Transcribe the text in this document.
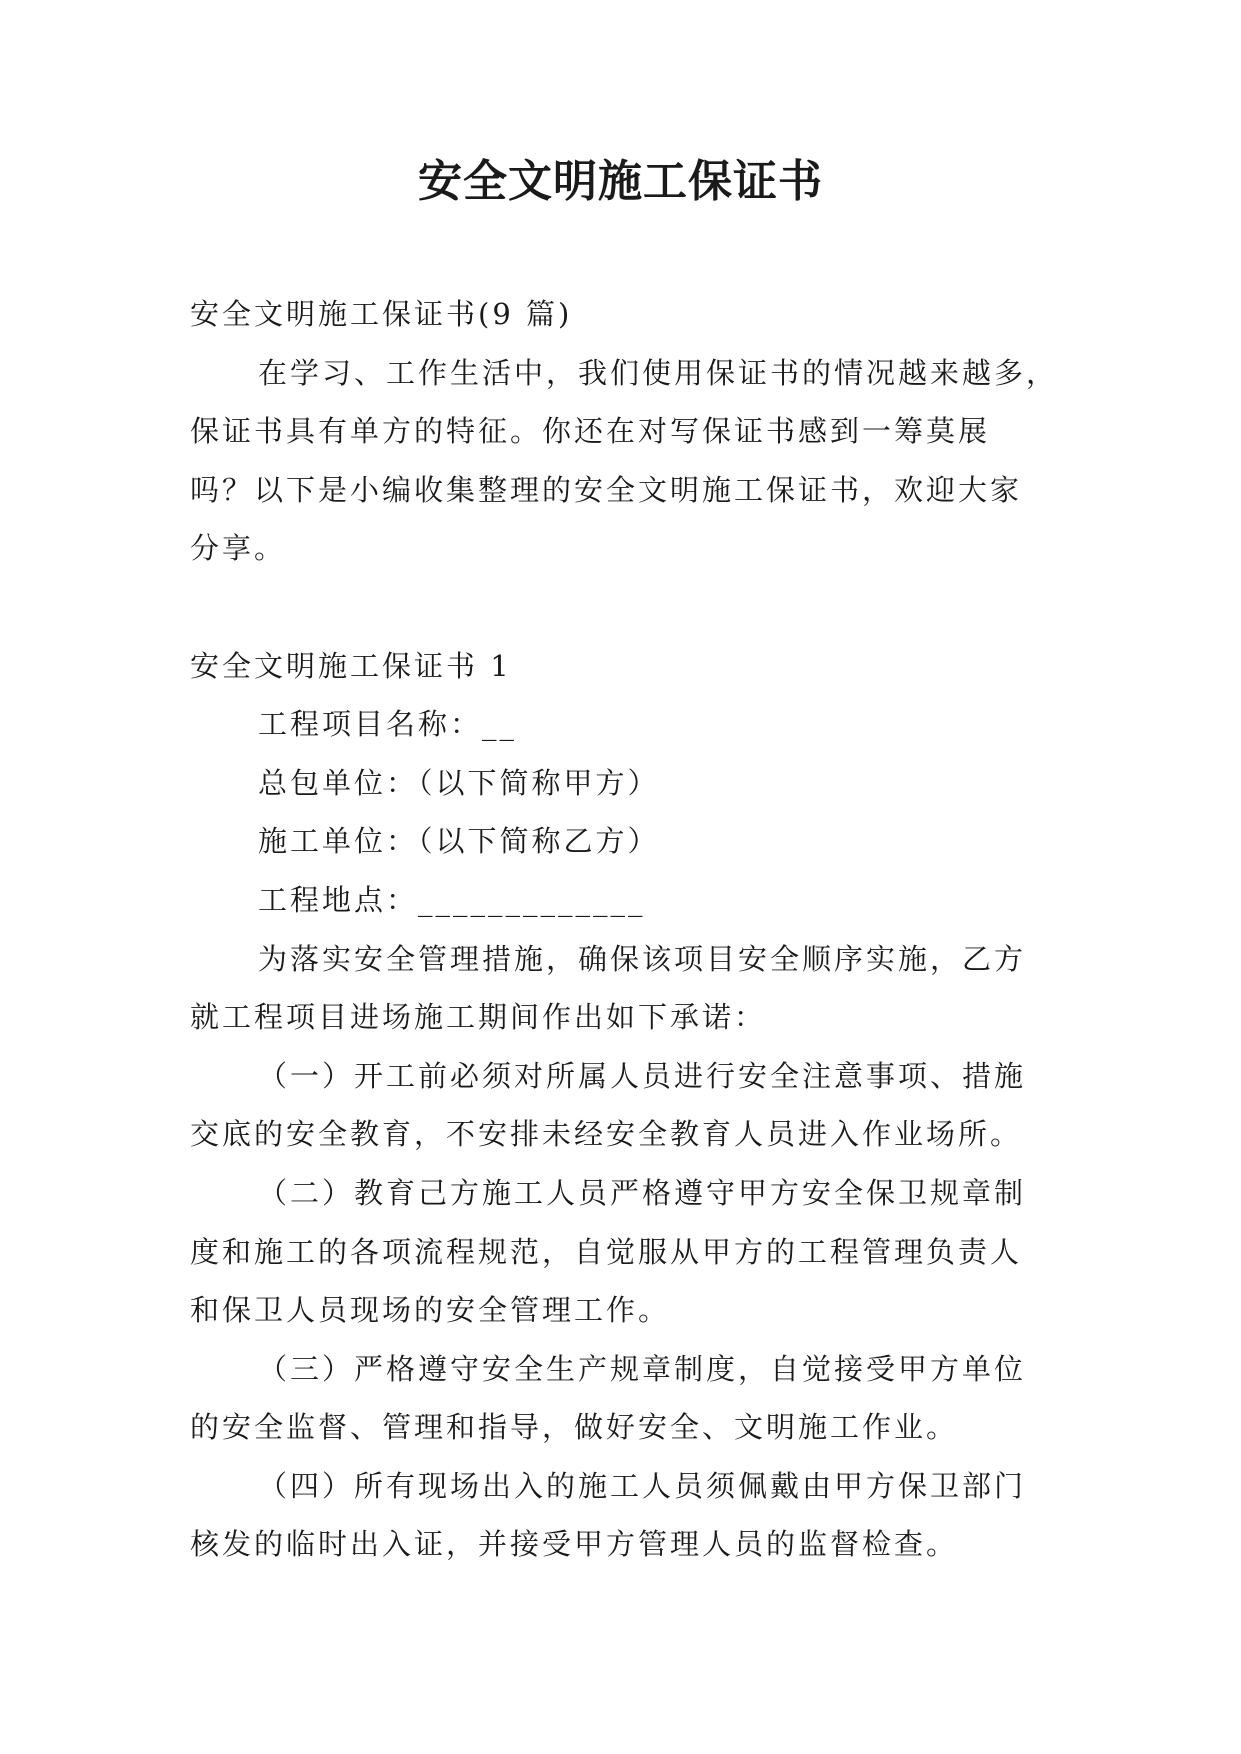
安全文明施工保证书

安全文明施工保证书(9 篇)

在学习、工作生活中，我们使用保证书的情况越来越多，

保证书具有单方的特征。你还在对写保证书感到一筹莫展

吗？以下是小编收集整理的安全文明施工保证书，欢迎大家

分享。

安全文明施工保证书 1

工程项目名称：__

总包单位：（以下简称甲方）

施工单位：（以下简称乙方）

工程地点：_____________

为落实安全管理措施，确保该项目安全顺序实施，乙方

就工程项目进场施工期间作出如下承诺：

（一）开工前必须对所属人员进行安全注意事项、措施

交底的安全教育，不安排未经安全教育人员进入作业场所。

（二）教育己方施工人员严格遵守甲方安全保卫规章制

度和施工的各项流程规范，自觉服从甲方的工程管理负责人

和保卫人员现场的安全管理工作。

（三）严格遵守安全生产规章制度，自觉接受甲方单位

的安全监督、管理和指导，做好安全、文明施工作业。

（四）所有现场出入的施工人员须佩戴由甲方保卫部门

核发的临时出入证，并接受甲方管理人员的监督检查。
